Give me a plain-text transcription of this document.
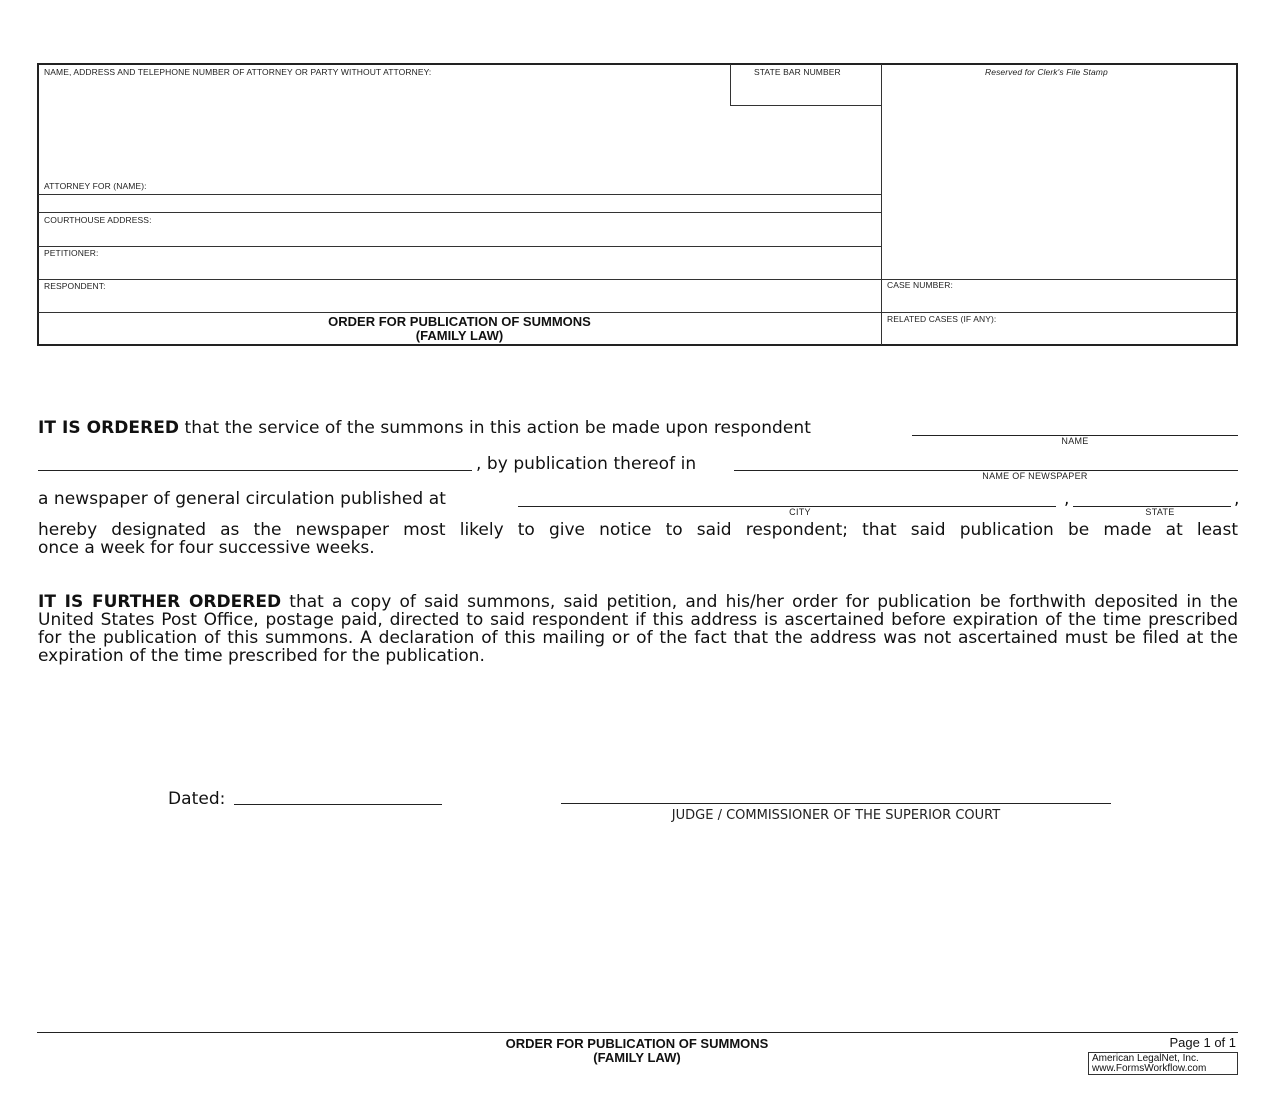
NAME, ADDRESS AND TELEPHONE NUMBER OF ATTORNEY OR PARTY WITHOUT ATTORNEY:	STATE BAR NUMBER	Reserved for Clerk's File Stamp
ATTORNEY FOR (NAME):
COURTHOUSE ADDRESS:
PETITIONER:
RESPONDENT:	CASE NUMBER:
RELATED CASES (IF ANY):
ORDER FOR PUBLICATION OF SUMMONS
(FAMILY LAW)
IT IS ORDERED that the service of the summons in this action be made upon respondent
NAME
, by publication thereof in
NAME OF NEWSPAPER
a newspaper of general circulation published at	,	,
CITY	STATE
hereby designated as the newspaper most likely to give notice to said respondent; that said publication be made at least
once a week for four successive weeks.
IT IS FURTHER ORDERED that a copy of said summons, said petition, and his/her order for publication be forthwith deposited in the United States Post Office, postage paid, directed to said respondent if this address is ascertained before expiration of the time prescribed for the publication of this summons. A declaration of this mailing or of the fact that the address was not ascertained must be filed at the expiration of the time prescribed for the publication.
Dated:
JUDGE / COMMISSIONER OF THE SUPERIOR COURT
ORDER FOR PUBLICATION OF SUMMONS
(FAMILY LAW)
Page 1 of 1
American LegalNet, Inc.
www.FormsWorkflow.com
